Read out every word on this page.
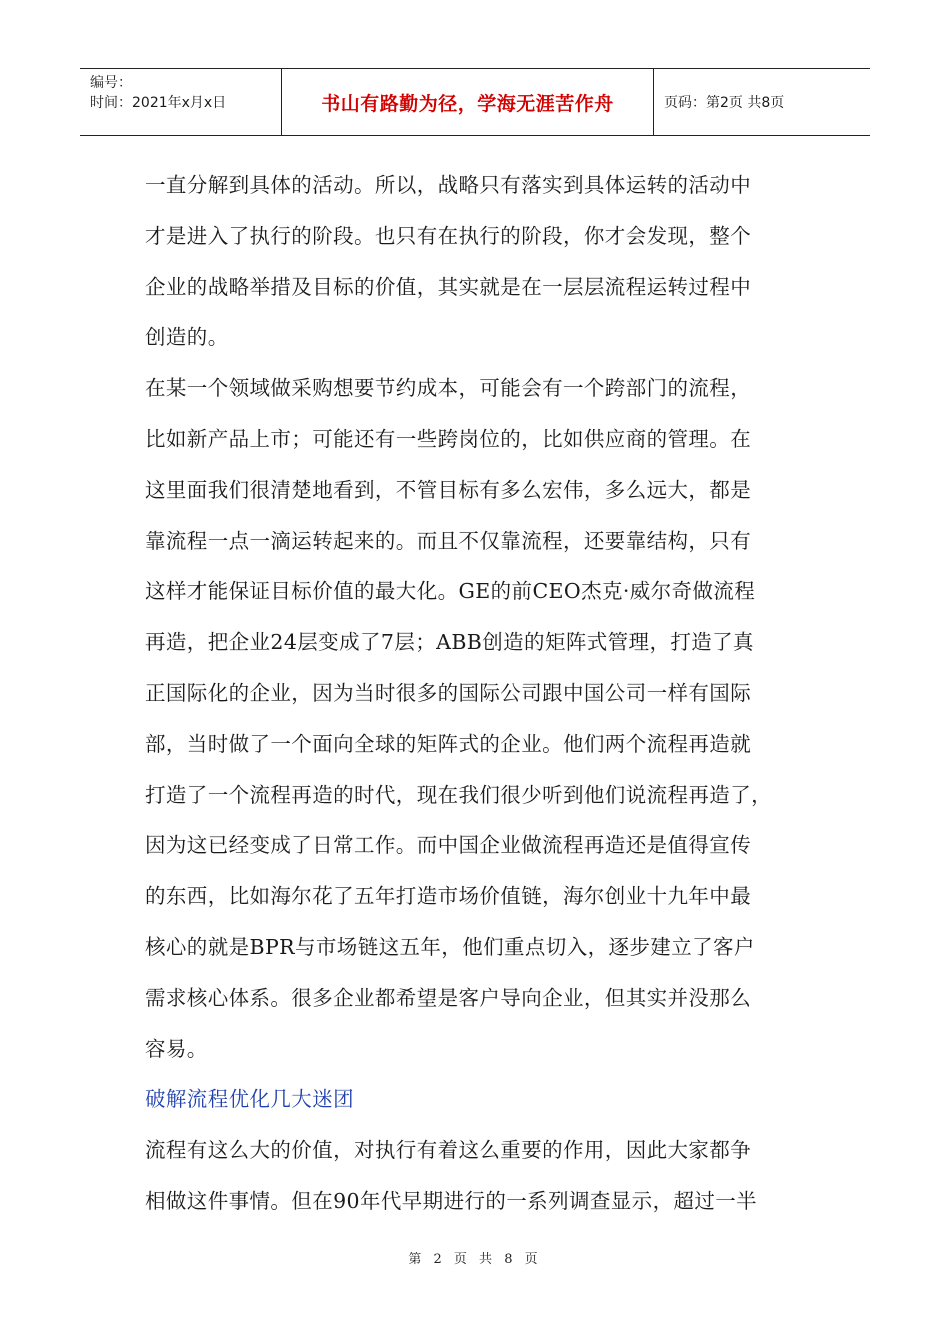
编号：
时间：2021年x月x日	书山有路勤为径，学海无涯苦作舟	页码：第2页 共8页
一直分解到具体的活动。所以，战略只有落实到具体运转的活动中
才是进入了执行的阶段。也只有在执行的阶段，你才会发现，整个
企业的战略举措及目标的价值，其实就是在一层层流程运转过程中
创造的。
在某一个领域做采购想要节约成本，可能会有一个跨部门的流程，
比如新产品上市；可能还有一些跨岗位的，比如供应商的管理。在
这里面我们很清楚地看到，不管目标有多么宏伟，多么远大，都是
靠流程一点一滴运转起来的。而且不仅靠流程，还要靠结构，只有
这样才能保证目标价值的最大化。GE的前CEO杰克·威尔奇做流程
再造，把企业24层变成了7层；ABB创造的矩阵式管理，打造了真
正国际化的企业，因为当时很多的国际公司跟中国公司一样有国际
部，当时做了一个面向全球的矩阵式的企业。他们两个流程再造就
打造了一个流程再造的时代，现在我们很少听到他们说流程再造了，
因为这已经变成了日常工作。而中国企业做流程再造还是值得宣传
的东西，比如海尔花了五年打造市场价值链，海尔创业十九年中最
核心的就是BPR与市场链这五年，他们重点切入，逐步建立了客户
需求核心体系。很多企业都希望是客户导向企业，但其实并没那么
容易。
破解流程优化几大迷团
流程有这么大的价值，对执行有着这么重要的作用，因此大家都争
相做这件事情。但在90年代早期进行的一系列调查显示，超过一半
第 2 页 共 8 页
